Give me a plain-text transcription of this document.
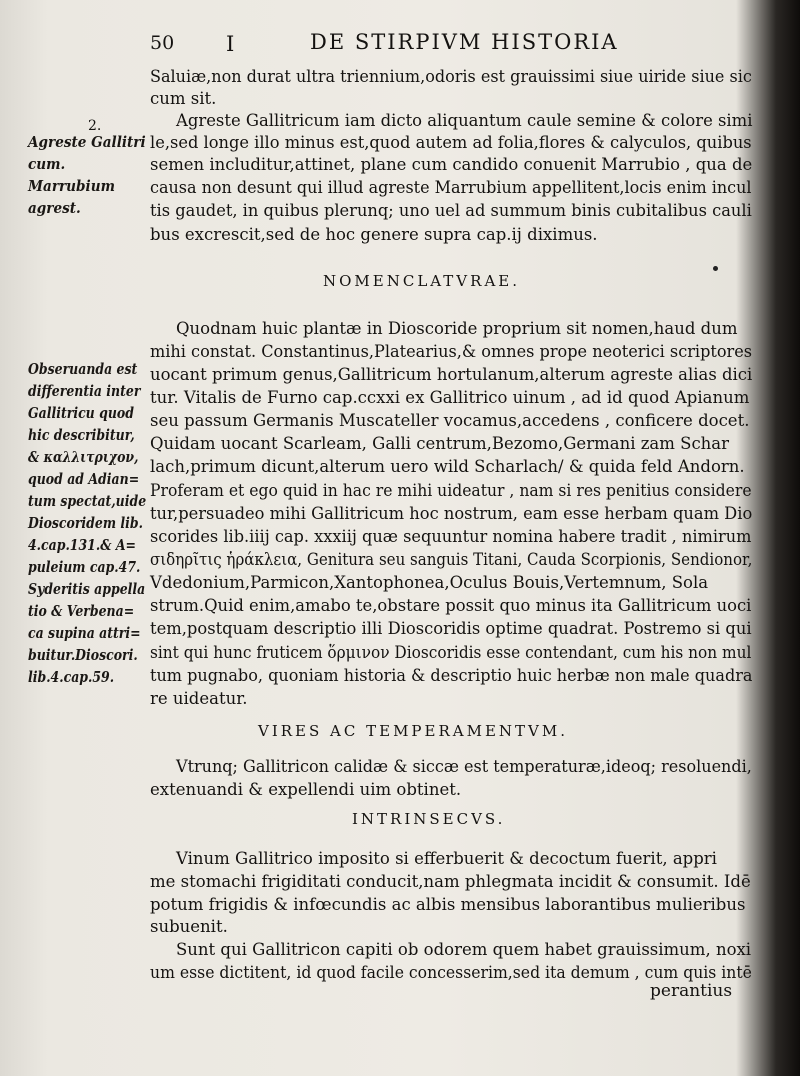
50 I	DE STIRPIVM HISTORIA
2.
Agreste Gallitri
cum.
Marrubium
agrest.
Obseruanda est
differentia inter
Gallitricu quod
hic describitur,
& καλλιτριχον,
quod ad Adian=
tum spectat,uide
Dioscoridem lib.
4.cap.131.& A=
puleium cap.47.
Syderitis appella
tio & Verbena=
ca supina attri=
buitur.Dioscori.
lib.4.cap.59.
Saluiæ,non durat ultra triennium,odoris est grauissimi siue uiride siue sic
cum sit.
Agreste Gallitricum iam dicto aliquantum caule semine & colore simi
le,sed longe illo minus est,quod autem ad folia,flores & calyculos, quibus
semen includitur,attinet, plane cum candido conuenit Marrubio , qua de
causa non desunt qui illud agreste Marrubium appellitent,locis enim incul
tis gaudet, in quibus plerunq; uno uel ad summum binis cubitalibus cauli
bus excrescit,sed de hoc genere supra cap.ij diximus.
NOMENCLATVRAE.
Quodnam huic plantæ in Dioscoride proprium sit nomen,haud dum
mihi constat. Constantinus,Platearius,& omnes prope neoterici scriptores
uocant primum genus,Gallitricum hortulanum,alterum agreste alias dici
tur. Vitalis de Furno cap.ccxxi ex Gallitrico uinum , ad id quod Apianum
seu passum Germanis Muscateller vocamus,accedens , conficere docet.
Quidam uocant Scarleam, Galli centrum,Bezomo,Germani zam Schar
lach,primum dicunt,alterum uero wild Scharlach/ & quida feld Andorn.
Proferam et ego quid in hac re mihi uideatur , nam si res penitius considere
tur,persuadeo mihi Gallitricum hoc nostrum, eam esse herbam quam Dio
scorides lib.iiij cap. xxxiij quæ sequuntur nomina habere tradit , nimirum
σιδηρῖτις ἡράκλεια, Genitura seu sanguis Titani, Cauda Scorpionis, Sendionor,
Vdedonium,Parmicon,Xantophonea,Oculus Bouis,Vertemnum, Sola
strum.Quid enim,amabo te,obstare possit quo minus ita Gallitricum uoci
tem,postquam descriptio illi Dioscoridis optime quadrat. Postremo si qui
sint qui hunc fruticem ὅρμινον Dioscoridis esse contendant, cum his non mul
tum pugnabo, quoniam historia & descriptio huic herbæ non male quadra
re uideatur.
VIRES AC TEMPERAMENTVM.
Vtrunq; Gallitricon calidæ & siccæ est temperaturæ,ideoq; resoluendi,
extenuandi & expellendi uim obtinet.
INTRINSECVS.
Vinum Gallitrico imposito si efferbuerit & decoctum fuerit, appri
me stomachi frigiditati conducit,nam phlegmata incidit & consumit. Idē
potum frigidis & infœcundis ac albis mensibus laborantibus mulieribus
subuenit.
Sunt qui Gallitricon capiti ob odorem quem habet grauissimum, noxi
um esse dictitent, id quod facile concesserim,sed ita demum , cum quis intē
perantius
